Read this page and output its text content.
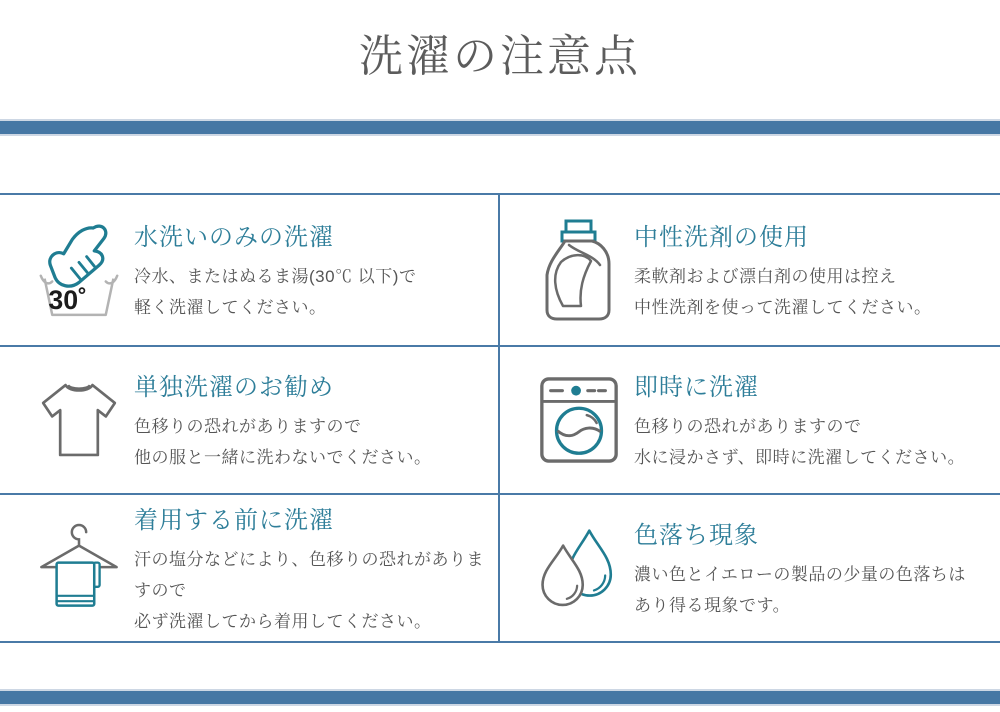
洗濯の注意点
30˚
水洗いのみの洗濯
冷水、またはぬるま湯(30℃ 以下)で
軽く洗濯してください。
中性洗剤の使用
柔軟剤および漂白剤の使用は控え
中性洗剤を使って洗濯してください。
単独洗濯のお勧め
色移りの恐れがありますので
他の服と一緒に洗わないでください。
即時に洗濯
色移りの恐れがありますので
水に浸かさず、即時に洗濯してください。
着用する前に洗濯
汗の塩分などにより、色移りの恐れがありますので
必ず洗濯してから着用してください。
色落ち現象
濃い色とイエローの製品の少量の色落ちは
あり得る現象です。
